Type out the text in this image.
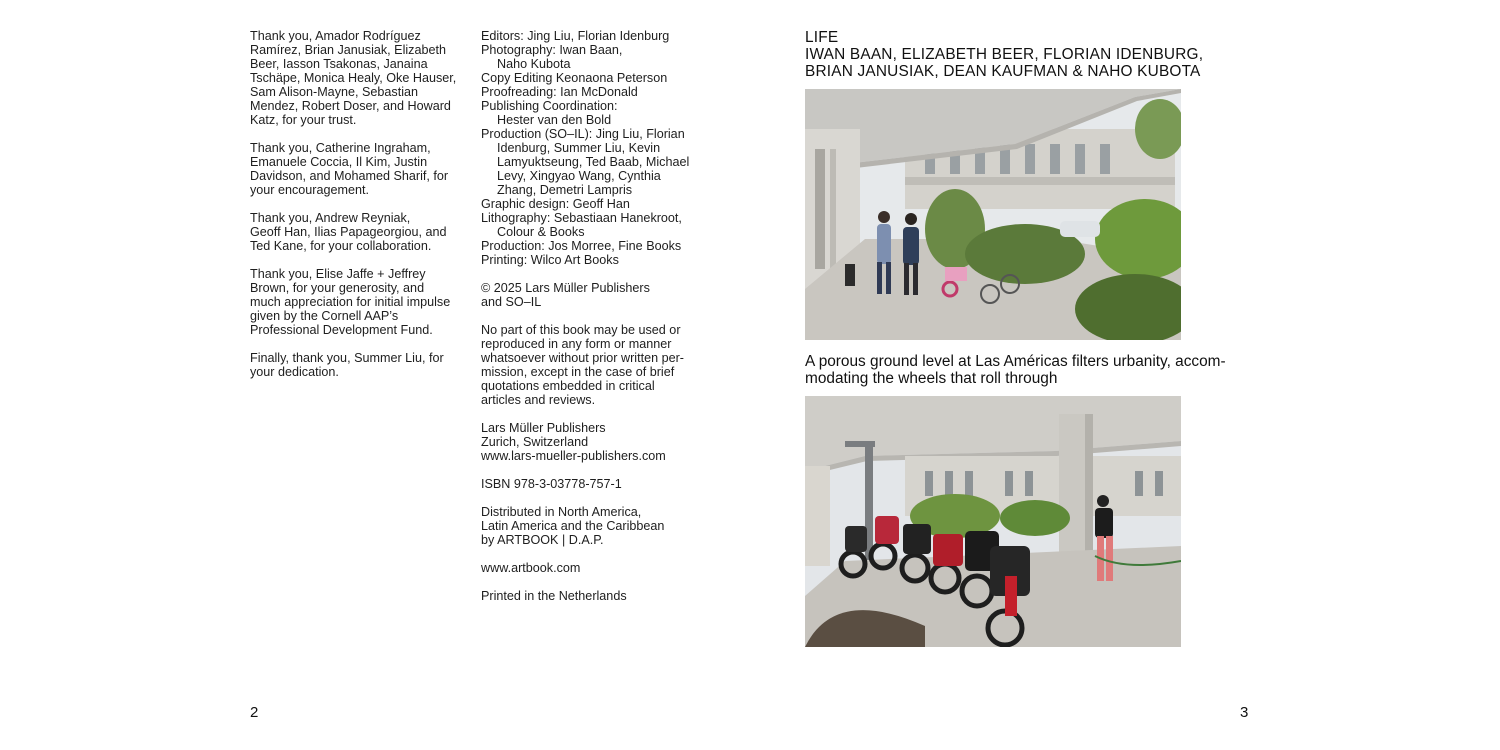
Thank you, Amador Rodríguez
Ramírez, Brian Janusiak, Elizabeth
Beer, Iasson Tsakonas, Janaina
Tschäpe, Monica Healy, Oke Hauser,
Sam Alison-Mayne, Sebastian
Mendez, Robert Doser, and Howard
Katz, for your trust.

Thank you, Catherine Ingraham,
Emanuele Coccia, Il Kim, Justin
Davidson, and Mohamed Sharif, for
your encouragement.

Thank you, Andrew Reyniak,
Geoff Han, Ilias Papageorgiou, and
Ted Kane, for your collaboration.

Thank you, Elise Jaffe + Jeffrey
Brown, for your generosity, and
much appreciation for initial impulse
given by the Cornell AAP’s
Professional Development Fund.

Finally, thank you, Summer Liu, for
your dedication.

Editors: Jing Liu, Florian Idenburg
Photography: Iwan Baan,
Naho Kubota
Copy Editing Keonaona Peterson
Proofreading: Ian McDonald
Publishing Coordination:
Hester van den Bold
Production (SO–IL): Jing Liu, Florian
Idenburg, Summer Liu, Kevin
Lamyuktseung, Ted Baab, Michael
Levy, Xingyao Wang, Cynthia
Zhang, Demetri Lampris
Graphic design: Geoff Han
Lithography: Sebastiaan Hanekroot,
Colour & Books
Production: Jos Morree, Fine Books
Printing: Wilco Art Books

© 2025 Lars Müller Publishers
and SO–IL

No part of this book may be used or
reproduced in any form or manner
whatsoever without prior written per-
mission, except in the case of brief
quotations embedded in critical
articles and reviews.

Lars Müller Publishers
Zurich, Switzerland
www.lars-mueller-publishers.com

ISBN 978-3-03778-757-1

Distributed in North America,
Latin America and the Caribbean
by ARTBOOK | D.A.P.

www.artbook.com

Printed in the Netherlands

2
LIFE
IWAN BAAN, ELIZABETH BEER, FLORIAN IDENBURG,
BRIAN JANUSIAK, DEAN KAUFMAN & NAHO KUBOTA
A porous ground level at Las Américas filters urbanity, accom-
modating the wheels that roll through
3
